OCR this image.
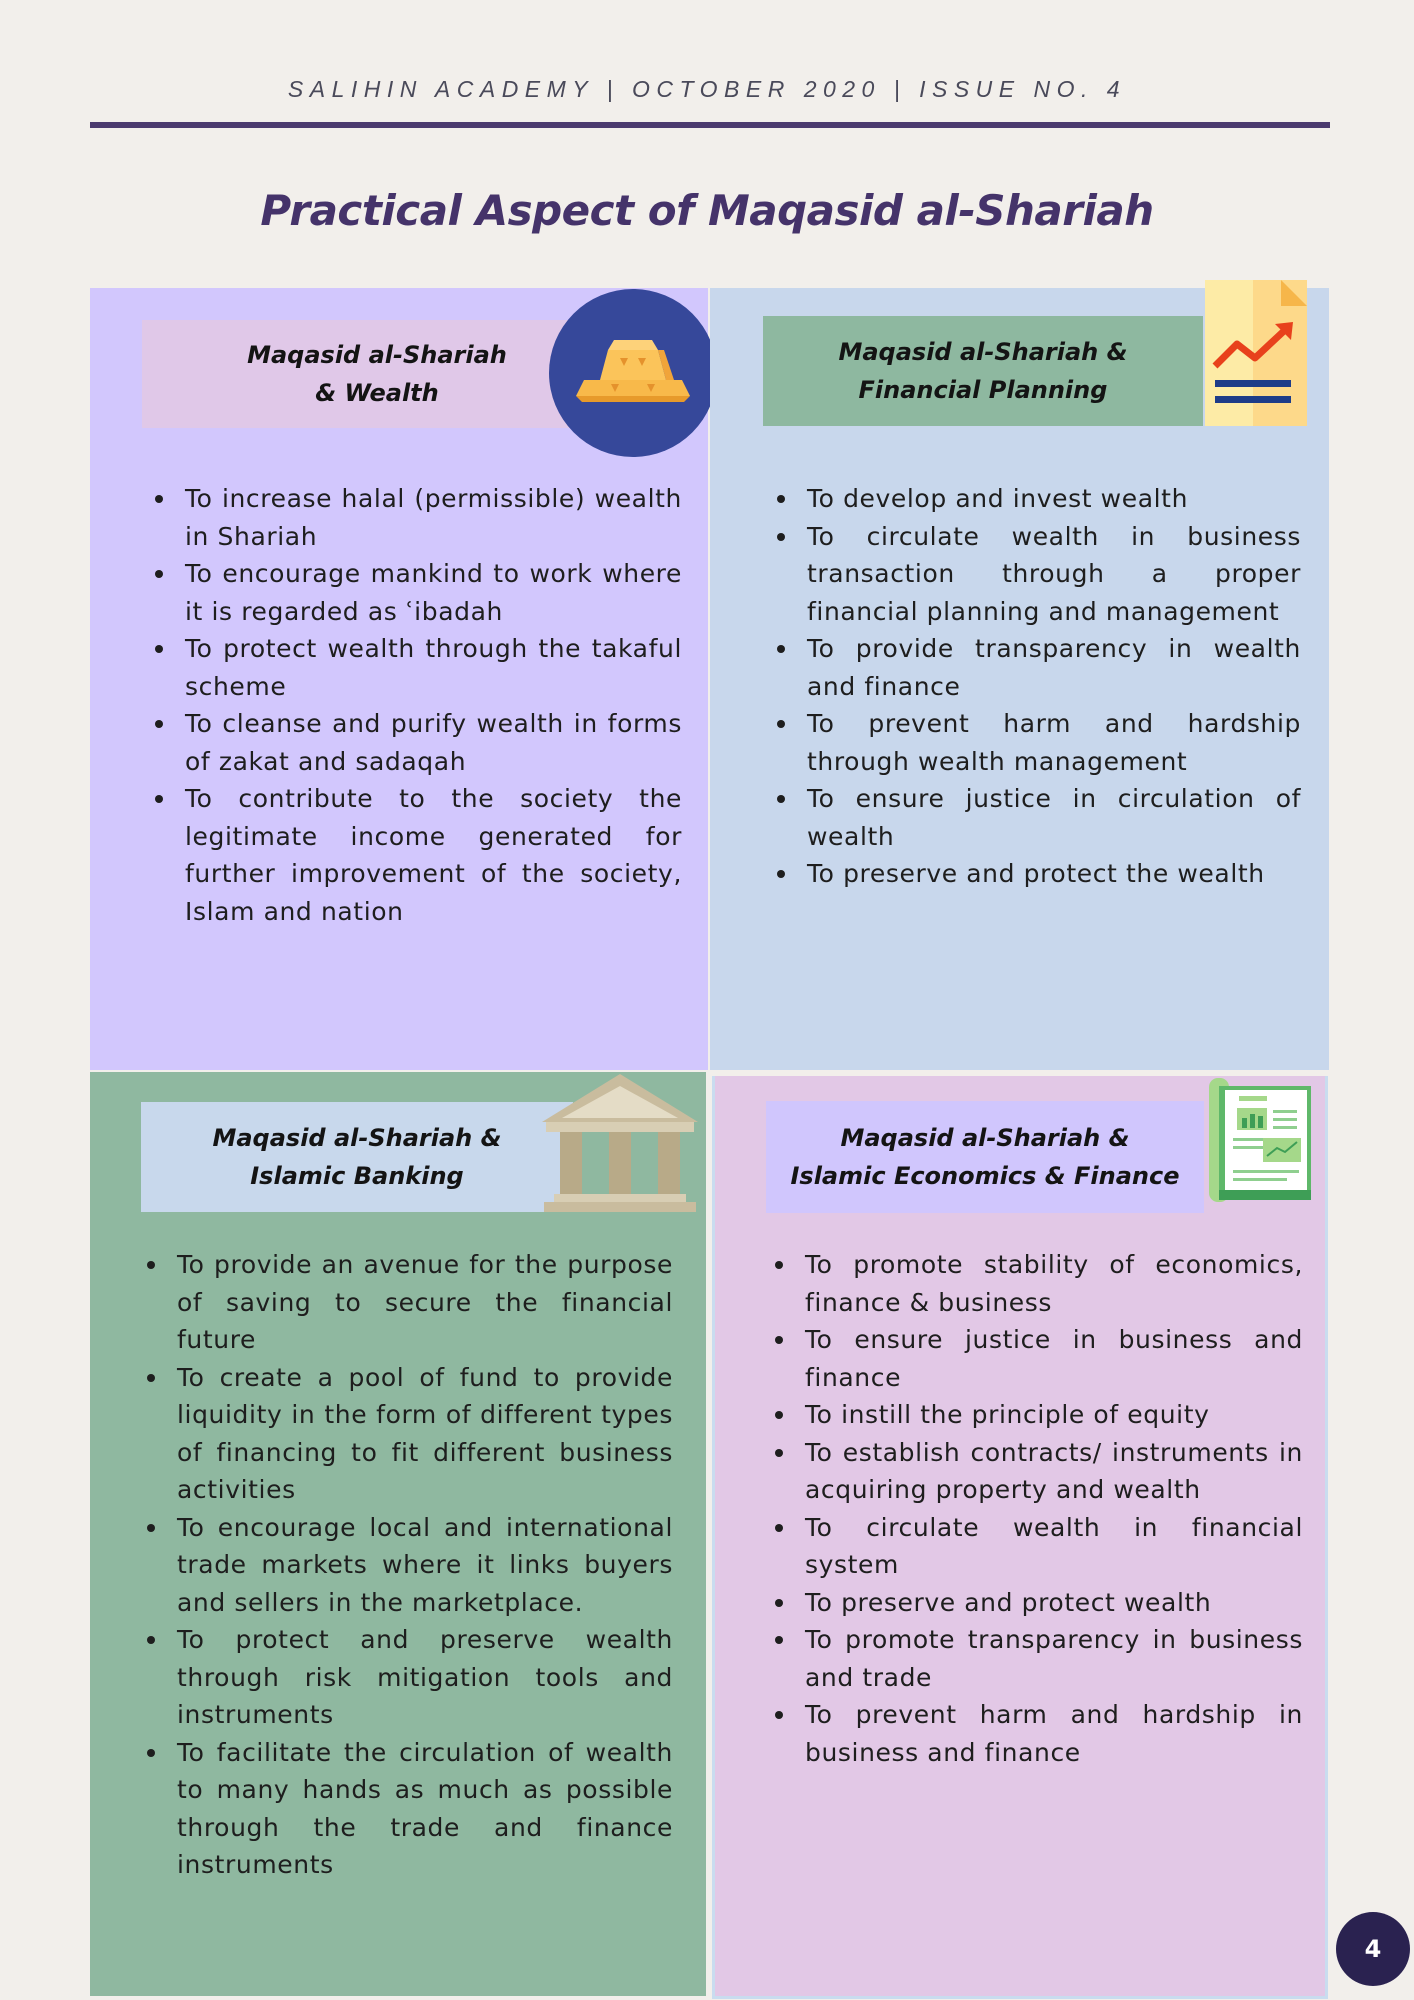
SALIHIN ACADEMY | OCTOBER 2020 | ISSUE NO. 4
Practical Aspect of Maqasid al-Shariah
Maqasid al-Shariah
& Wealth
To increase halal (permissible) wealth in Shariah
To encourage mankind to work where it is regarded as ʿibadah
To protect wealth through the takaful scheme
To cleanse and purify wealth in forms of zakat and sadaqah
To contribute to the society the legitimate income generated for further improvement of the society, Islam and nation
Maqasid al-Shariah &
Financial Planning
To develop and invest wealth
To circulate wealth in business transaction through a proper financial planning and management
To provide transparency in wealth and finance
To prevent harm and hardship through wealth management
To ensure justice in circulation of wealth
To preserve and protect the wealth
Maqasid al-Shariah &
Islamic Banking
To provide an avenue for the purpose of saving to secure the financial future
To create a pool of fund to provide liquidity in the form of different types of financing to fit different business activities
To encourage local and international trade markets where it links buyers and sellers in the marketplace.
To protect and preserve wealth through risk mitigation tools and instruments
To facilitate the circulation of wealth to many hands as much as possible through the trade and finance instruments
Maqasid al-Shariah &
Islamic Economics & Finance
To promote stability of economics, finance & business
To ensure justice in business and finance
To instill the principle of equity
To establish contracts/ instruments in acquiring property and wealth
To circulate wealth in financial system
To preserve and protect wealth
To promote transparency in business and trade
To prevent harm and hardship in business and finance
4
